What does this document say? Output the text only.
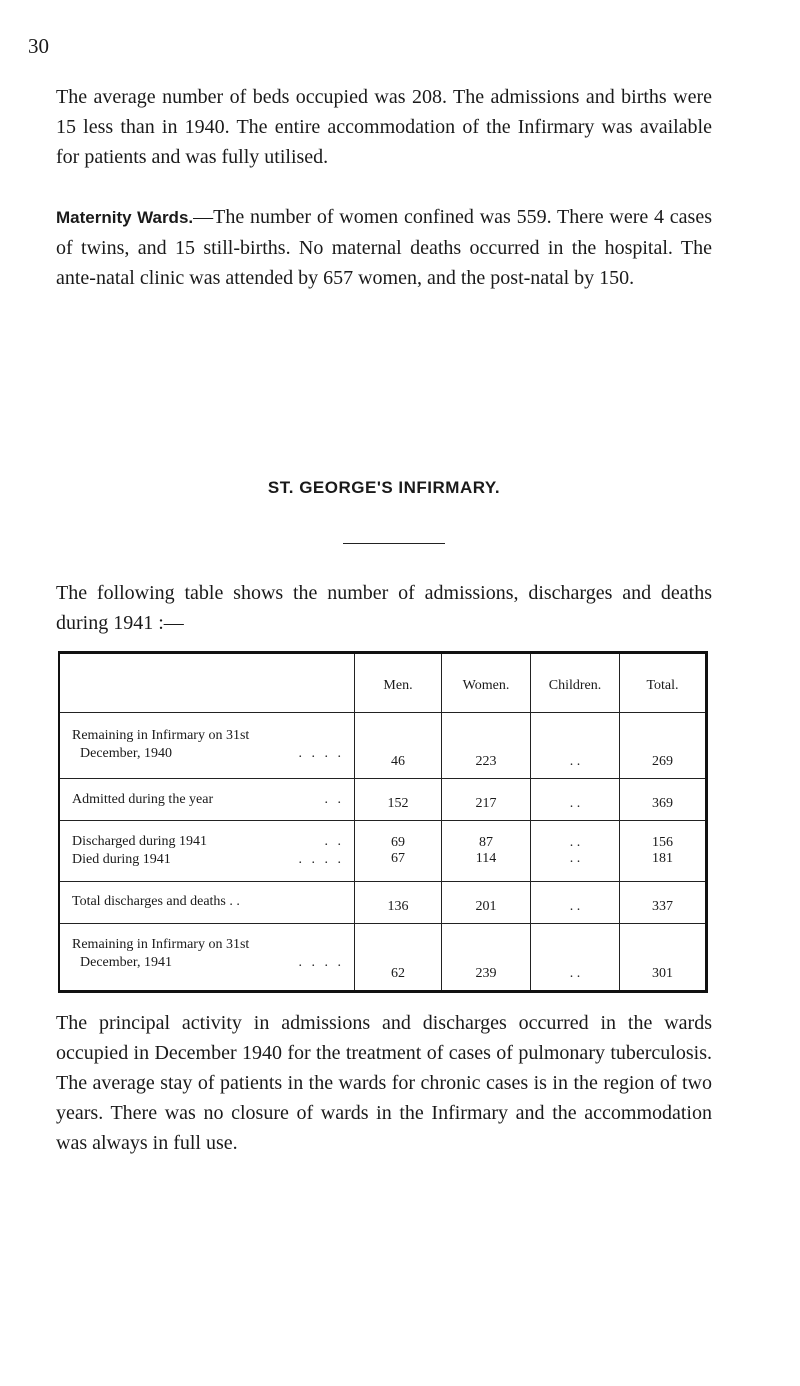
30

The average number of beds occupied was 208. The admissions and births were 15 less than in 1940. The entire accommodation of the Infirmary was available for patients and was fully utilised.

Maternity Wards.—The number of women confined was 559. There were 4 cases of twins, and 15 still-births. No maternal deaths occurred in the hospital. The ante-natal clinic was attended by 657 women, and the post-natal by 150.

ST. GEORGE'S INFIRMARY.

The following table shows the number of admissions, discharges and deaths during 1941 :—

	Men.	Women.	Children.	Total.

Remaining in Infirmary on 31st
December, 1940 . . . .	46	223	. .	269
Admitted during the year . .	152	217	. .	369
Discharged during 1941 . .	69	87	. .	156
Died during 1941 . . . .	67	114	. .	181
Total discharges and deaths . .	136	201	. .	337

Remaining in Infirmary on 31st
December, 1941 . . . .	62	239	. .	301

The principal activity in admissions and discharges occurred in the wards occupied in December 1940 for the treatment of cases of pulmonary tuberculosis. The average stay of patients in the wards for chronic cases is in the region of two years. There was no closure of wards in the Infirmary and the accommodation was always in full use.
